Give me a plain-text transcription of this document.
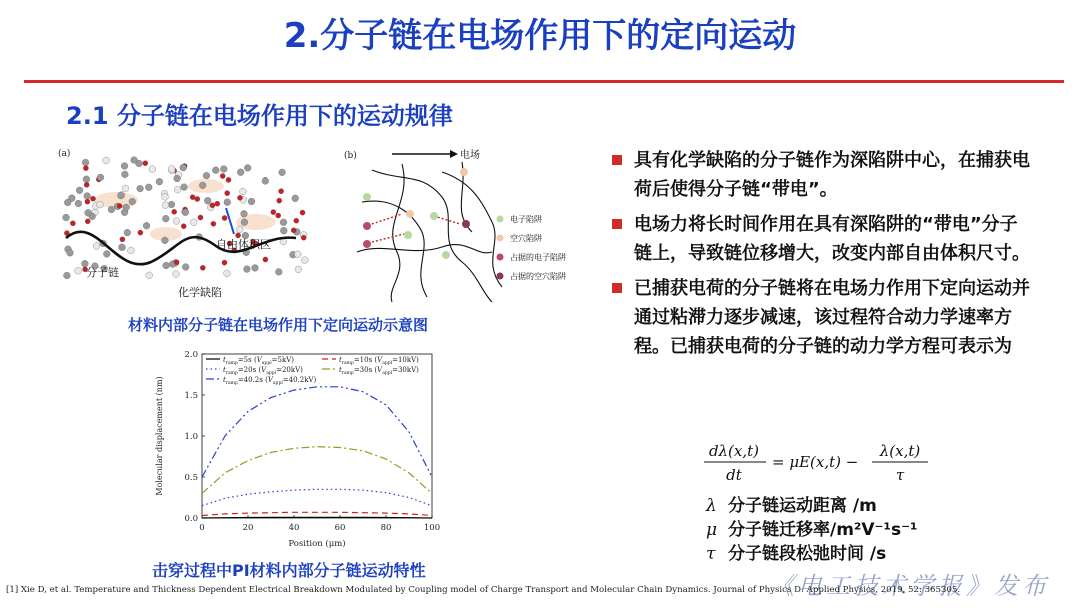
2.分子链在电场作用下的定向运动
2.1 分子链在电场作用下的运动规律
(a)
自由体积区
分子链
化学缺陷
(b)	电场
电子陷阱
空穴陷阱
占据的电子陷阱
占据的空穴陷阱
材料内部分子链在电场作用下定向运动示意图
0	20	40	60	80	100
0.0
0.5
1.0
1.5
2.0
Position (μm)
Molecular displacement (nm)
$t_{ramp}=5s$ $(V_{appl}=5kV)$	$t_{ramp}=10s$ $(V_{appl}=10kV)$
$t_{ramp}=20s$ $(V_{appl}=20kV)$	$t_{ramp}=30s$ $(V_{appl}=30kV)$
$t_{ramp}=40.2s$ $(V_{appl}=40.2kV)$
击穿过程中PI材料内部分子链运动特性
具有化学缺陷的分子链作为深陷阱中心，在捕获电荷后使得分子链“带电”。
电场力将长时间作用在具有深陷阱的“带电”分子链上，导致链位移增大，改变内部自由体积尺寸。
已捕获电荷的分子链将在电场力作用下定向运动并通过粘滞力逐步减速，该过程符合动力学速率方程。已捕获电荷的分子链的动力学方程可表示为
dλ(x,t)
dt
= μE(x,t) −
λ(x,t)
τ
λ 分子链运动距离 /m
μ 分子链迁移率/m²V⁻¹s⁻¹
τ 分子链段松弛时间 /s
《电工技术学报》发布
[1] Xie D, et al. Temperature and Thickness Dependent Electrical Breakdown Modulated by Coupling model of Charge Transport and Molecular Chain Dynamics. Journal of Physics D: Applied Physics, 2019, 52: 365305.
